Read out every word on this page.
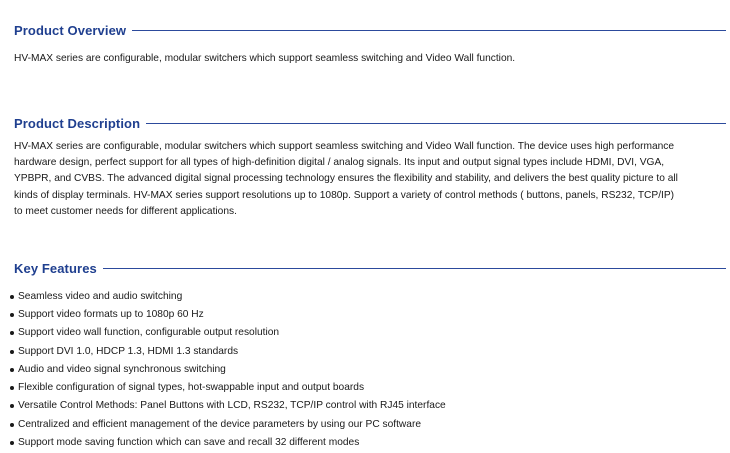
Product Overview
HV-MAX series are configurable, modular switchers which support seamless switching and Video Wall function.
Product Description
HV-MAX series are configurable, modular switchers which support seamless switching and Video Wall function. The device uses high performance
hardware design, perfect support for all types of high-definition digital / analog signals. Its input and output signal types include HDMI, DVI, VGA,
YPBPR, and CVBS. The advanced digital signal processing technology ensures the flexibility and stability, and delivers the best quality picture to all
kinds of display terminals. HV-MAX series support resolutions up to 1080p. Support a variety of control methods ( buttons, panels, RS232, TCP/IP)
to meet customer needs for different applications.
Key Features
Seamless video and audio switching
Support video formats up to 1080p 60 Hz
Support video wall function, configurable output resolution
Support DVI 1.0, HDCP 1.3, HDMI 1.3 standards
Audio and video signal synchronous switching
Flexible configuration of signal types, hot-swappable input and output boards
Versatile Control Methods: Panel Buttons with LCD, RS232, TCP/IP control with RJ45 interface
Centralized and efficient management of the device parameters by using our PC software
Support mode saving function which can save and recall 32 different modes
